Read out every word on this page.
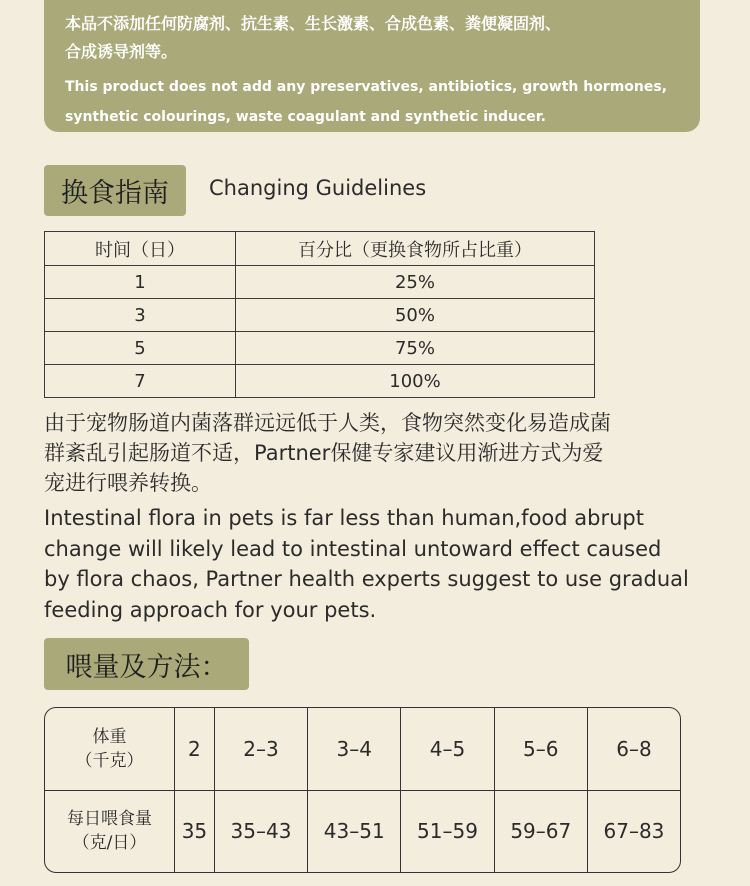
本品不添加任何防腐剂、抗生素、生长激素、合成色素、粪便凝固剂、
合成诱导剂等。

This product does not add any preservatives, antibiotics, growth hormones,
synthetic colourings, waste coagulant and synthetic inducer.

换食指南	Changing Guidelines
时间（日）	百分比（更换食物所占比重）
1	25%
3	50%
5	75%
7	100%

由于宠物肠道内菌落群远远低于人类，食物突然变化易造成菌
群紊乱引起肠道不适，Partner保健专家建议用渐进方式为爱
宠进行喂养转换。

Intestinal flora in pets is far less than human,food abrupt
change will likely lead to intestinal untoward effect caused
by flora chaos, Partner health experts suggest to use gradual
feeding approach for your pets.

喂量及方法：
体重
（千克）	2	2–3	3–4	4–5	5–6	6–8
每日喂食量
（克/日）	35	35–43	43–51	51–59	59–67	67–83
